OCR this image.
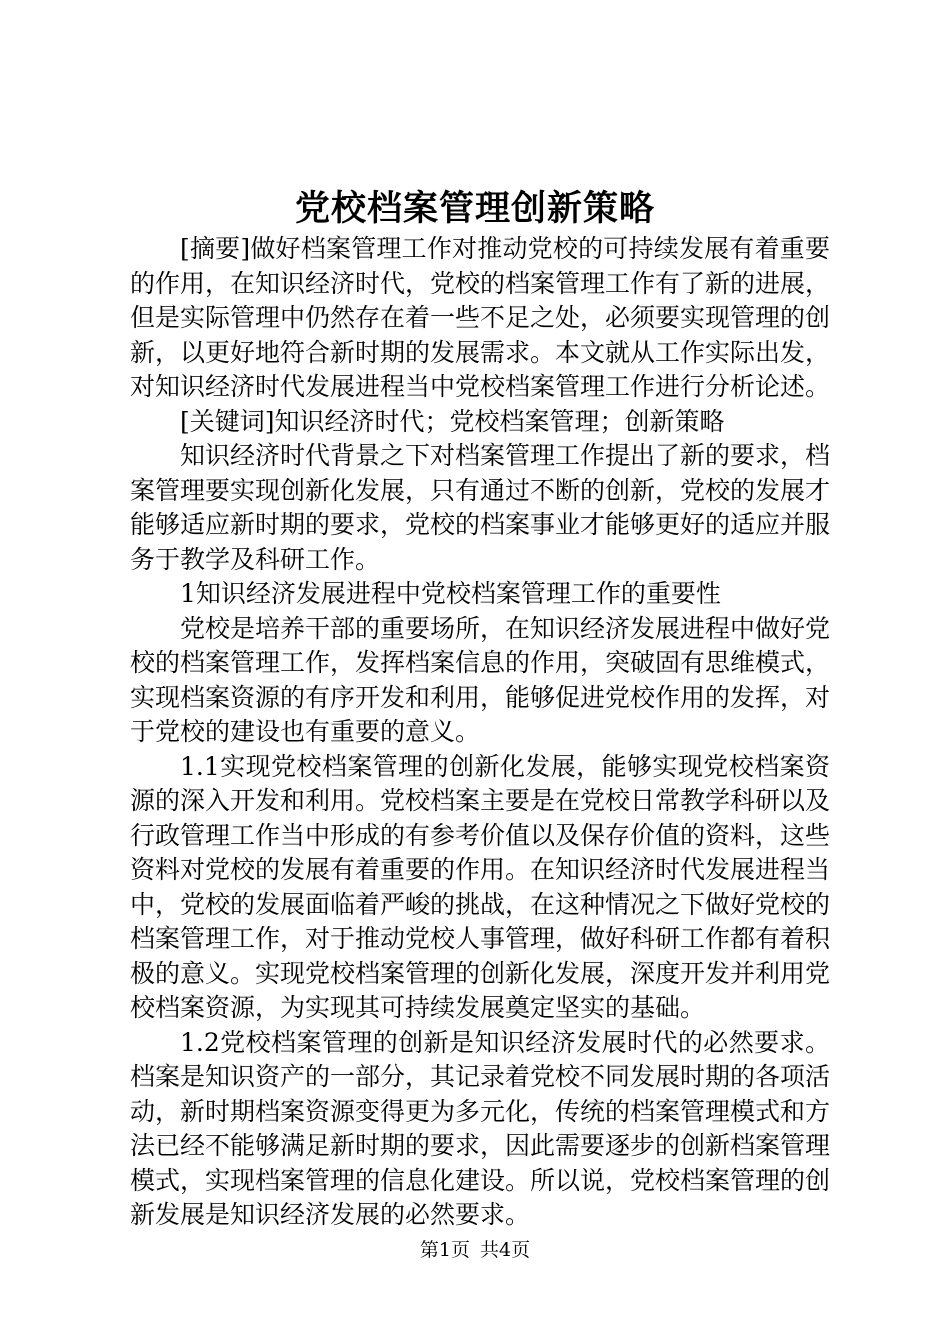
党校档案管理创新策略

[摘要]做好档案管理工作对推动党校的可持续发展有着重要的作用，在知识经济时代，党校的档案管理工作有了新的进展，但是实际管理中仍然存在着一些不足之处，必须要实现管理的创新，以更好地符合新时期的发展需求。本文就从工作实际出发，对知识经济时代发展进程当中党校档案管理工作进行分析论述。

[关键词]知识经济时代；党校档案管理；创新策略

知识经济时代背景之下对档案管理工作提出了新的要求，档案管理要实现创新化发展，只有通过不断的创新，党校的发展才能够适应新时期的要求，党校的档案事业才能够更好的适应并服务于教学及科研工作。

1知识经济发展进程中党校档案管理工作的重要性

党校是培养干部的重要场所，在知识经济发展进程中做好党校的档案管理工作，发挥档案信息的作用，突破固有思维模式，实现档案资源的有序开发和利用，能够促进党校作用的发挥，对于党校的建设也有重要的意义。

1.1实现党校档案管理的创新化发展，能够实现党校档案资源的深入开发和利用。党校档案主要是在党校日常教学科研以及行政管理工作当中形成的有参考价值以及保存价值的资料，这些资料对党校的发展有着重要的作用。在知识经济时代发展进程当中，党校的发展面临着严峻的挑战，在这种情况之下做好党校的档案管理工作，对于推动党校人事管理，做好科研工作都有着积极的意义。实现党校档案管理的创新化发展，深度开发并利用党校档案资源，为实现其可持续发展奠定坚实的基础。

1.2党校档案管理的创新是知识经济发展时代的必然要求。档案是知识资产的一部分，其记录着党校不同发展时期的各项活动，新时期档案资源变得更为多元化，传统的档案管理模式和方法已经不能够满足新时期的要求，因此需要逐步的创新档案管理模式，实现档案管理的信息化建设。所以说，党校档案管理的创新发展是知识经济发展的必然要求。

第1页 共4页
